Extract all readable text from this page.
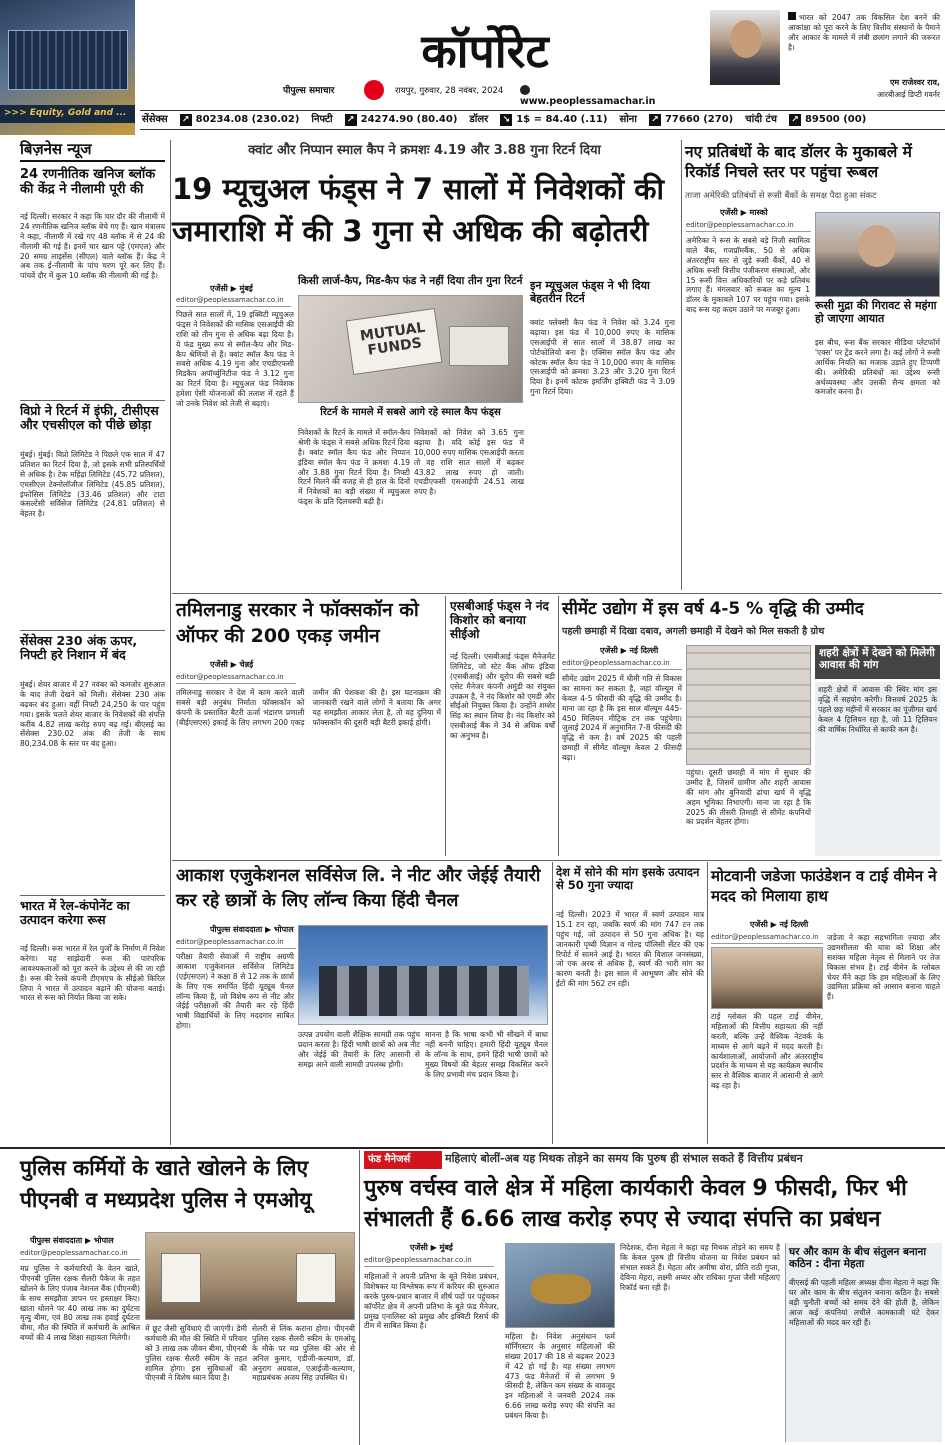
>>> Equity, Gold and ...
कॉर्पोरेट
पीपुल्स समाचार	रायपुर, गुरुवार, 28 नवंबर, 2024
www.peoplessamachar.in
भारत को 2047 तक विकसित देश बनने की आकांक्षा को पूरा करने के लिए वित्तीय संस्थानों के पैमाने और आकार के मामले में लंबी छलांग लगाने की जरूरत है।
एम राजेश्वर राव,
आरबीआई डिप्टी गवर्नर
सेंसेक्स ↗ 80234.08 (230.02) निफ्टी ↗ 24274.90 (80.40) डॉलर ↘ 1$ = 84.40 (.11) सोना ↗ 77660 (270) चांदी टंच ↗ 89500 (00)
बिज़नेस न्यूज
24 रणनीतिक खनिज ब्लॉक की केंद्र ने नीलामी पूरी की
नई दिल्ली। सरकार ने कहा कि चार दौर की नीलामी में 24 रणनीतिक खनिज ब्लॉक बेचे गए हैं। खान मंत्रालय ने कहा, नीलामी में रखे गए 48 ब्लॉक में से 24 की नीलामी की गई है। इनमें चार खान पट्टे (एमएल) और 20 समग्र लाइसेंस (सीएल) वाले ब्लॉक हैं। केंद्र ने अब तक ई-नीलामी के पांच चरण पूरे कर लिए हैं। पांचवें दौर में कुल 10 ब्लॉक की नीलामी की गई है।
विप्रो ने रिटर्न में इंफी, टीसीएस और एचसीएल को पीछे छोड़ा
मुंबई। मुंबई। विप्रो लिमिटेड ने पिछले एक साल में 47 प्रतिशत का रिटर्न दिया है, जो इसके सभी प्रतिस्पर्धियों से अधिक है। टेक महिंद्रा लिमिटेड (45.72 प्रतिशत), एचसीएल टेक्नोलॉजीज लिमिटेड (45.85 प्रतिशत), इंफोसिस लिमिटेड (33.46 प्रतिशत) और टाटा कंसल्टेंसी सर्विसेज लिमिटेड (24.81 प्रतिशत) से बेहतर है।
सेंसेक्स 230 अंक ऊपर, निफ्टी हरे निशान में बंद
मुंबई। शेयर बाजार में 27 नवंबर को कमजोर शुरुआत के बाद तेजी देखने को मिली। सेंसेक्स 230 अंक बढ़कर बंद हुआ। वहीं निफ्टी 24,250 के पार पहुंच गया। इसके चलते शेयर बाजार के निवेशकों की संपत्ति करीब 4.82 लाख करोड़ रुपए बढ़ गई। बीएसई का सेंसेक्स 230.02 अंक की तेजी के साथ 80,234.08 के स्तर पर बंद हुआ।
भारत में रेल-कंपोनेंट का उत्पादन करेगा रूस
नई दिल्ली। रूस भारत में रेल पुर्जों के निर्माण में निवेश करेगा। यह साझेदारी रूस की पारंपरिक आवश्यकताओं को पूरा करने के उद्देश्य से की जा रही है। रूस की रेलवे कंपनी टीएमएच के सीईओ किरिल लिपा ने भारत में उत्पादन बढ़ाने की योजना बताई। भारत से रूस को निर्यात किया जा सके।
क्वांट और निप्पान स्माल कैप ने क्रमशः 4.19 और 3.88 गुना रिटर्न दिया
19 म्यूचुअल फंड्स ने 7 सालों में निवेशकों की जमाराशि में की 3 गुना से अधिक की बढ़ोतरी
एजेंसी ▶ मुंबई
editor@peoplessamachar.co.in
पिछले सात सालों में, 19 इक्विटी म्यूचुअल फंड्स ने निवेशकों की मासिक एसआईपी की राशि को तीन गुना से अधिक बढ़ा दिया है। ये फंड मुख्य रूप से स्मॉल-कैप और मिड-कैप श्रेणियों से हैं। क्वांट स्मॉल कैप फंड ने सबसे अधिक 4.19 गुना और एचडीएफसी मिडकैप अपॉर्च्युनिटीज फंड ने 3.12 गुना का रिटर्न दिया है। म्यूचुअल फंड निवेशक हमेशा ऐसी योजनाओं की तलाश में रहते हैं जो उनके निवेश को तेजी से बढ़ाएं।
किसी लार्ज-कैप, मिड-कैप फंड ने नहीं दिया तीन गुना रिटर्न
MUTUAL FUNDS
रिटर्न के मामले में सबसे आगे रहे स्माल कैप फंड्स
निवेशकों के रिटर्न के मामले में स्मॉल-कैप श्रेणी के फंड्स ने सबसे अधिक रिटर्न दिया है। क्वांट स्मॉल कैप फंड और निप्पान इंडिया स्मॉल कैप फंड ने क्रमशः 4.19 और 3.88 गुना रिटर्न दिया है। निफ्टी रिटर्न मिलने की वजह से ही हाल के दिनों में निवेशकों का बड़ी संख्या में म्यूचुअल फंड्स के प्रति दिलचस्पी बढ़ी है।
निवेशकों को निवेश को 3.65 गुना बढ़ाया है। यदि कोई इस फंड में 10,000 रुपए मासिक एसआईपी करता तो वह राशि सात सालों में बढ़कर 43.82 लाख रुपए हो जाती। एचडीएफसी एसआईपी 24.51 लाख रुपए है।
इन म्यूचुअल फंड्स ने भी दिया बेहतरीन रिटर्न
क्वांट फ्लेक्सी कैप फंड ने निवेश को 3.24 गुना बढ़ाया। इस फंड में 10,000 रुपए के मासिक एसआईपी से सात सालों में 38.87 लाख का पोर्टफोलियो बना है। एक्सिस स्मॉल कैप फंड और कोटक स्मॉल कैप फंड ने 10,000 रुपए के मासिक एसआईपी को क्रमशः 3.23 और 3.20 गुना रिटर्न दिया है। इनमें कोटक इमर्जिंग इक्विटी फंड ने 3.09 गुना रिटर्न दिया।
नए प्रतिबंधों के बाद डॉलर के मुकाबले में रिकॉर्ड निचले स्तर पर पहुंचा रूबल
ताजा अमेरिकी प्रतिबंधों से रूसी बैंकों के समक्ष पैदा हुआ संकट
एजेंसी ▶ मास्को
editor@peoplessamachar.co.in
अमेरिका ने रूस के सबसे बड़े निजी स्वामित्व वाले बैंक, गजप्रॉमबैंक, 50 से अधिक अंतरराष्ट्रीय स्तर से जुड़े रूसी बैंकों, 40 से अधिक रूसी वित्तीय पंजीकरण संस्थाओं, और 15 रूसी वित्त अधिकारियों पर कड़े प्रतिबंध लगाए हैं। मंगलवार को रूबल का मूल्य 1 डॉलर के मुकाबले 107 पर पहुंच गया। इसके बाद रूस यह कदम उठाने पर मजबूर हुआ।	रूसी मुद्रा की गिरावट से महंगा हो जाएगा आयात
इस बीच, रूस बैंक सरकार मीडिया प्लेटफॉर्म 'एक्स' पर ट्रेंड करने लगा है। कई लोगों ने रूसी आर्थिक नियति का मजाक उड़ाते हुए टिप्पणी की। अमेरिकी प्रतिबंधों का उद्देश्य रूसी अर्थव्यवस्था और उसकी सैन्य क्षमता को कमजोर करना है।
तमिलनाडु सरकार ने फॉक्सकॉन को ऑफर की 200 एकड़ जमीन
एजेंसी ▶ चेन्नई
editor@peoplessamachar.co.in
तमिलनाडु सरकार ने देश में काम करने वाली सबसे बड़ी अनुबंध निर्माता फॉक्सकॉन को कंपनी के प्रस्तावित बैटरी ऊर्जा भंडारण प्रणाली (बीईएसएस) इकाई के लिए लगभग 200 एकड़ जमीन की पेशकश की है। इस घटनाक्रम की जानकारी रखने वाले लोगों ने बताया कि अगर यह समझौता आकार लेता है, तो यह दुनिया में फॉक्सकॉन की दूसरी बड़ी बैटरी इकाई होगी।
एसबीआई फंड्स ने नंद किशोर को बनाया सीईओ
नई दिल्ली। एसबीआई फंड्स मैनेजमेंट लिमिटेड, जो स्टेट बैंक ऑफ इंडिया (एसबीआई) और यूरोप की सबसे बड़ी एसेट मैनेजर कंपनी अमुंडी का संयुक्त उपक्रम है, ने नंद किशोर को एमडी और सीईओ नियुक्त किया है। उन्होंने शम्शेर सिंह का स्थान लिया है। नंद किशोर को एसबीआई बैंक में 34 से अधिक वर्षों का अनुभव है।
सीमेंट उद्योग में इस वर्ष 4-5 % वृद्धि की उम्मीद
पहली छमाही में दिखा दबाव, अगली छमाही में देखने को मिल सकती है ग्रोथ
एजेंसी ▶ नई दिल्ली
editor@peoplessamachar.co.in
सीमेंट उद्योग 2025 में धीमी गति से विकास का सामना कर सकता है, जहां वॉल्यूम में केवल 4-5 फीसदी की वृद्धि की उम्मीद है। माना जा रहा है कि इस साल वॉल्यूम 445-450 मिलियन मीट्रिक टन तक पहुंचेगा। जुलाई 2024 में अनुमानित 7-8 फीसदी की वृद्धि से कम है। वर्ष 2025 की पहली छमाही में सीमेंट वॉल्यूम केवल 2 फीसदी बढ़ा।
पहुंचा। दूसरी छमाही में मांग में सुधार की उम्मीद है, जिसमें ग्रामीण और शहरी आवास की मांग और बुनियादी ढांचा खर्च में वृद्धि अहम भूमिका निभाएगी। माना जा रहा है कि 2025 की तीसरी तिमाही से सीमेंट कंपनियों का प्रदर्शन बेहतर होगा।
शहरी क्षेत्रों में देखने को मिलेगी आवास की मांग
शहरी क्षेत्रों में आवास की स्थिर मांग इस वृद्धि में सहयोग करेगी। वित्तवर्ष 2025 के पहले छह महीनों में सरकार का पूंजीगत खर्च केवल 4 ट्रिलियन रहा है, जो 11 ट्रिलियन की वार्षिक निर्धारित से काफी कम है।
आकाश एजुकेशनल सर्विसेज लि. ने नीट और जेईई तैयारी कर रहे छात्रों के लिए लॉन्च किया हिंदी चैनल
पीपुल्स संवाददाता ▶ भोपाल
editor@peoplessamachar.co.in
परीक्षा तैयारी सेवाओं में राष्ट्रीय अग्रणी आकाश एजुकेशनल सर्विसेज लिमिटेड (एईएसएल) ने कक्षा 8 से 12 तक के छात्रों के लिए एक समर्पित हिंदी यूट्यूब चैनल लॉन्च किया है, जो विशेष रूप से नीट और जेईई परीक्षाओं की तैयारी कर रहे हिंदी भाषी विद्यार्थियों के लिए मददगार साबित होगा।
उत्पन्न उपयोग वाली शैक्षिक सामग्री तक पहुंच प्रदान करता है। हिंदी भाषी छात्रों को अब नीट और जेईई की तैयारी के लिए आसानी से समझ आने वाली सामग्री उपलब्ध होगी।
मानना है कि भाषा कभी भी सीखने में बाधा नहीं बननी चाहिए। हमारी हिंदी यूट्यूब चैनल के लॉन्च के साथ, हमने हिंदी भाषी छात्रों को मुख्य विषयों की बेहतर समझ विकसित करने के लिए प्रभावी मंच प्रदान किया है।
देश में सोने की मांग इसके उत्पादन से 50 गुना ज्यादा
नई दिल्ली। 2023 में भारत में स्वर्ण उत्पादन मात्र 15.1 टन रहा, जबकि स्वर्ण की मांग 747 टन तक पहुंच गई, जो उत्पादन से 50 गुना अधिक है। यह जानकारी पृथ्वी विज्ञान व गोल्ड पॉलिसी सेंटर की एक रिपोर्ट में सामने आई है। भारत की विशाल जनसंख्या, जो एक अरब से अधिक है, स्वर्ण की भारी मांग का कारण बनती है। इस साल में आभूषण और सोने की ईंटों की मांग 562 टन रही।
मोटवानी जडेजा फाउंडेशन व टाई वीमेन ने मदद को मिलाया हाथ
एजेंसी ▶ नई दिल्ली
editor@peoplessamachar.co.in
टाई ग्लोबल की पहल टाई वीमेन, महिलाओं की वित्तीय सहायता की नहीं करती, बल्कि उन्हें वैश्विक नेटवर्क के माध्यम से आगे बढ़ने में मदद करती है। कार्यशालाओं, आयोजनों और अंतरराष्ट्रीय प्रदर्शन के माध्यम से यह कार्यक्रम स्थानीय स्तर से वैश्विक बाजार में आसानी से आगे बढ़ रहा है।
जडेजा ने कहा सहभागिता ज़्यादा और उद्यमशीलता की यात्रा को शिक्षा और सशक्त महिला नेतृत्व से मिलाने पर तेज बिकास संभव है। टाई वीमेन के ग्लोबल चेयर मैंने कहा कि हम महिलाओं के लिए उद्यमिता प्रक्रिया को आसान बनाना चाहते हैं।
पुलिस कर्मियों के खाते खोलने के लिए पीएनबी व मध्यप्रदेश पुलिस ने एमओयू
पीपुल्स संवाददाता ▶ भोपाल
editor@peoplessamachar.co.in
मप्र पुलिस ने कर्मचारियों के वेतन खाते, पीएनबी पुलिस रक्षक सैलरी पैकेज के तहत खोलने के लिए पंजाब नेशनल बैंक (पीएनबी) के साथ समझौता ज्ञापन पर हस्ताक्षर किए। खाता धोलने पर 40 लाख तक का दुर्घटना मृत्यु बीमा, एवं 80 लाख तक हवाई दुर्घटना बीमा, मौत की स्थिति में कर्मचारी के आश्रित बच्चों की 4 लाख शिक्षा सहायता मिलेगी।
में छूट जैसी सुविधाएं दी जाएंगी। डेमी कर्मचारी की मौत की स्थिति में परिवार को 3 लाख तक जीवन बीमा, पीएनबी पुलिस रक्षक सैलरी स्कीम के तहत शामिल होगा। इस सुविधाओं की पीएनबी ने विशेष ध्यान दिया है।
सेलरी से लिंक कराना होगा। पीएनबी पुलिस रक्षक सैलरी स्कीम के एमओयू के मौके पर मप्र पुलिस की ओर से अनिल कुमार, एडीजी-कल्याण, डॉ. अनुराग अग्रवाल, एआईजी-कल्याण, महाप्रबंधक अजय सिंह उपस्थित थे।
फंड मैनेजर्स	महिलाएं बोलीं-अब यह मिथक तोड़ने का समय कि पुरुष ही संभाल सकते हैं वित्तीय प्रबंधन
पुरुष वर्चस्व वाले क्षेत्र में महिला कार्यकारी केवल 9 फीसदी, फिर भी संभालती हैं 6.66 लाख करोड़ रुपए से ज्यादा संपत्ति का प्रबंधन
एजेंसी ▶ मुंबई
editor@peoplessamachar.co.in
महिलाओं ने अपनी प्रतिभा के बूते निवेश प्रबंधन, विशेषकर या विश्लेषक रूप में करियर की शुरुआत करके पुरुष-प्रधान बाजार में शीर्ष पदों पर पहुंचकर कॉर्पोरेट क्षेत्र में अपनी प्रतिभा के बूते फंड मैनेजर, प्रमुख एनालिस्ट को प्रमुख और इक्विटी रिसर्च की टीम में साबित किया है।
महिला है। निवेश अनुसंधान फर्म मॉर्निंगस्टार के अनुसार महिलाओं की संख्या 2017 की 18 से बढ़कर 2023 में 42 हो गई है। यह संख्या लगभग 473 फंड मैनेजरों में से लगभग 9 फीसदी है, लेकिन कम संख्या के बावजूद इन महिलाओं ने जनवरी 2024 तक 6.66 लाख करोड़ रुपए की संपत्ति का प्रबंधन किया है।
निदेशक, दीना मेहता ने कहा यह मिथक तोड़ने का समय है कि केवल पुरुष ही वित्तीय योजना या निवेश प्रबंधन को संभाल सकते हैं। मेहता और अमीषा वोरा, प्रीति राठी गुप्ता, देविना मेहरा, लक्ष्मी अय्यर और राधिका गुप्ता जैसी महिलाएं रिकॉर्ड बना रही हैं।
घर और काम के बीच संतुलन बनाना कठिन : दीना मेहता
बीएसई की पहली महिला अध्यक्ष दीना मेहता ने कहा कि घर और काम के बीच संतुलन बनाना कठिन है। सबसे बड़ी चुनौती बच्चों को समय देने की होती है, लेकिन आज कई कंपनियां लचीले कामकाजी घंटे देकर महिलाओं की मदद कर रही हैं।
